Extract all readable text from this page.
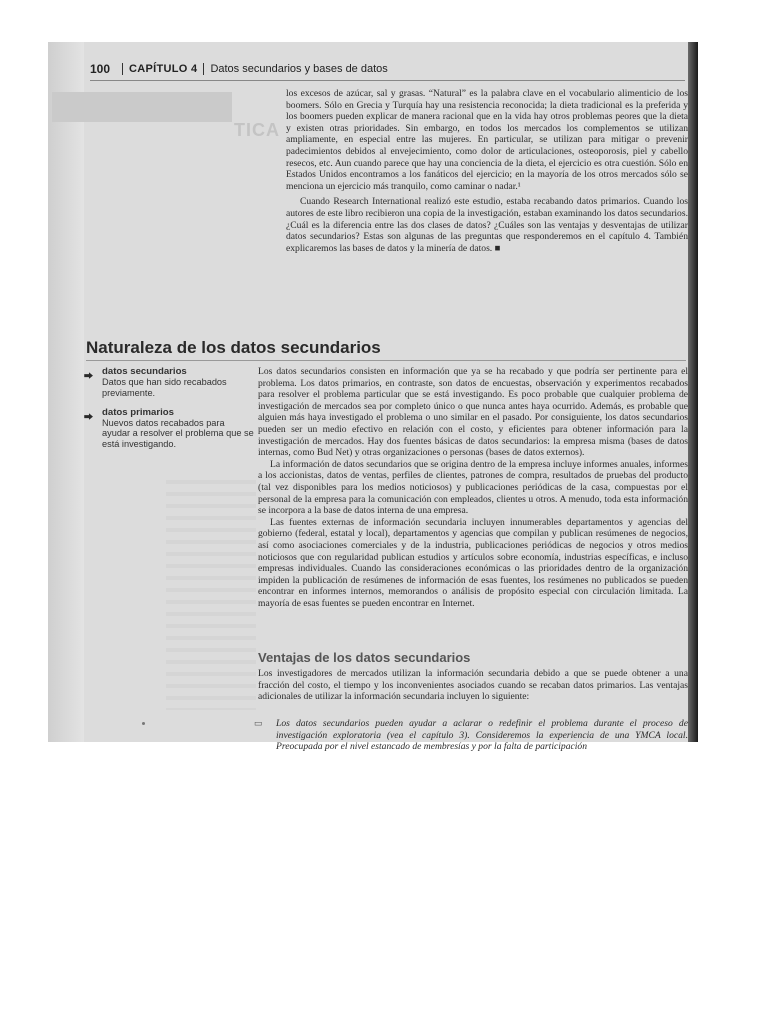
TICA
100 CAPÍTULO 4 Datos secundarios y bases de datos

los excesos de azúcar, sal y grasas. “Natural” es la palabra clave en el vocabulario alimenticio de los boomers. Sólo en Grecia y Turquía hay una resistencia reconocida; la dieta tradicional es la preferida y los boomers pueden explicar de manera racional que en la vida hay otros problemas peores que la dieta y existen otras prioridades. Sin embargo, en todos los mercados los complementos se utilizan ampliamente, en especial entre las mujeres. En particular, se utilizan para mitigar o prevenir padecimientos debidos al envejecimiento, como dolor de articulaciones, osteoporosis, piel y cabello resecos, etc. Aun cuando parece que hay una conciencia de la dieta, el ejercicio es otra cuestión. Sólo en Estados Unidos encontramos a los fanáticos del ejercicio; en la mayoría de los otros mercados sólo se menciona un ejercicio más tranquilo, como caminar o nadar.¹

Cuando Research International realizó este estudio, estaba recabando datos primarios. Cuando los autores de este libro recibieron una copia de la investigación, estaban examinando los datos secundarios. ¿Cuál es la diferencia entre las dos clases de datos? ¿Cuáles son las ventajas y desventajas de utilizar datos secundarios? Estas son algunas de las preguntas que responderemos en el capítulo 4. También explicaremos las bases de datos y la minería de datos. ■

Naturaleza de los datos secundarios
⮕	datos secundarios
Datos que han sido recabados previamente.
⮕	datos primarios
Nuevos datos recabados para ayudar a resolver el problema que se está investigando.

Los datos secundarios consisten en información que ya se ha recabado y que podría ser pertinente para el problema. Los datos primarios, en contraste, son datos de encuestas, observación y experimentos recabados para resolver el problema particular que se está investigando. Es poco probable que cualquier problema de investigación de mercados sea por completo único o que nunca antes haya ocurrido. Además, es probable que alguien más haya investigado el problema o uno similar en el pasado. Por consiguiente, los datos secundarios pueden ser un medio efectivo en relación con el costo, y eficientes para obtener información para la investigación de mercados. Hay dos fuentes básicas de datos secundarios: la empresa misma (bases de datos internas, como Bud Net) y otras organizaciones o personas (bases de datos externos).

La información de datos secundarios que se origina dentro de la empresa incluye informes anuales, informes a los accionistas, datos de ventas, perfiles de clientes, patrones de compra, resultados de pruebas del producto (tal vez disponibles para los medios noticiosos) y publicaciones periódicas de la casa, compuestas por el personal de la empresa para la comunicación con empleados, clientes u otros. A menudo, toda esta información se incorpora a la base de datos interna de una empresa.

Las fuentes externas de información secundaria incluyen innumerables departamentos y agencias del gobierno (federal, estatal y local), departamentos y agencias que compilan y publican resúmenes de negocios, así como asociaciones comerciales y de la industria, publicaciones periódicas de negocios y otros medios noticiosos que con regularidad publican estudios y artículos sobre economía, industrias específicas, e incluso empresas individuales. Cuando las consideraciones económicas o las prioridades dentro de la organización impiden la publicación de resúmenes de información de esas fuentes, los resúmenes no publicados se pueden encontrar en informes internos, memorandos o análisis de propósito especial con circulación limitada. La mayoría de esas fuentes se pueden encontrar en Internet.

Ventajas de los datos secundarios

Los investigadores de mercados utilizan la información secundaria debido a que se puede obtener a una fracción del costo, el tiempo y los inconvenientes asociados cuando se recaban datos primarios. Las ventajas adicionales de utilizar la información secundaria incluyen lo siguiente:

▭	Los datos secundarios pueden ayudar a aclarar o redefinir el problema durante el proceso de investigación exploratoria (vea el capítulo 3). Consideremos la experiencia de una YMCA local. Preocupada por el nivel estancado de membresías y por la falta de participación
